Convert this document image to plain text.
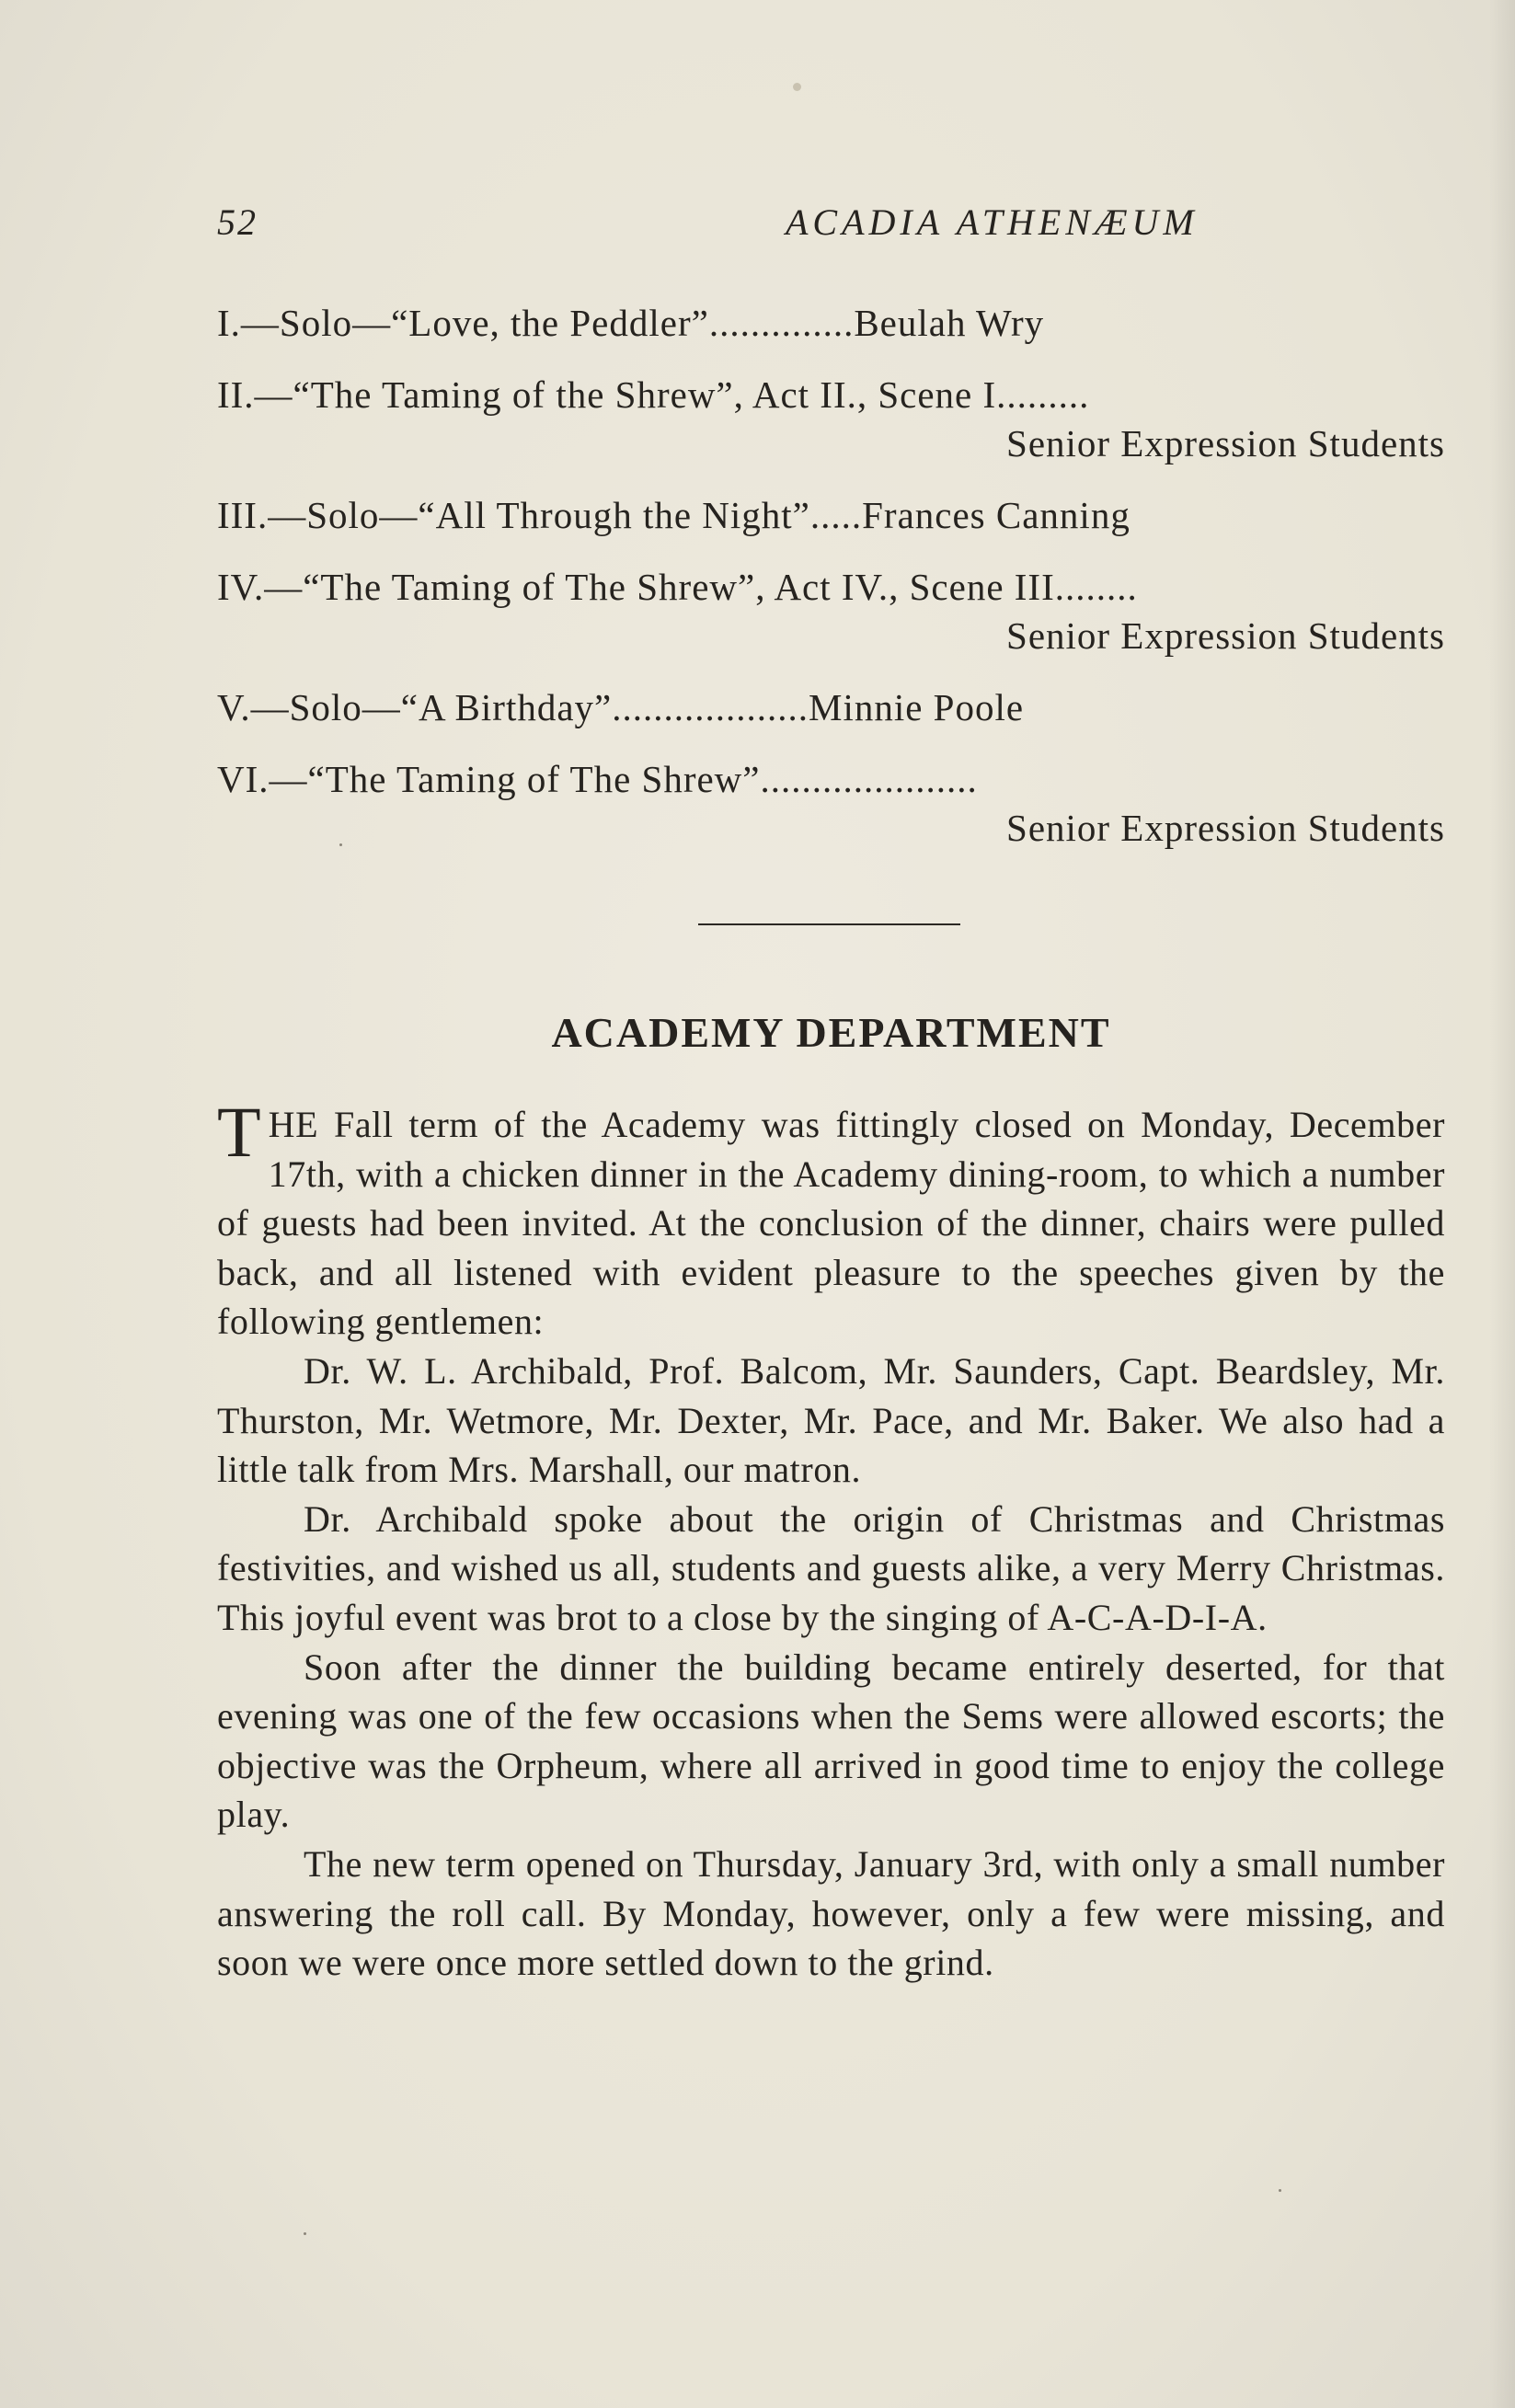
52	ACADIA ATHENÆUM
I.—Solo—“Love, the Peddler”..............Beulah Wry
II.—“The Taming of the Shrew”, Act II., Scene I.........
Senior Expression Students
III.—Solo—“All Through the Night”.....Frances Canning
IV.—“The Taming of The Shrew”, Act IV., Scene III........
Senior Expression Students
V.—Solo—“A Birthday”...................Minnie Poole
VI.—“The Taming of The Shrew”.....................
Senior Expression Students
ACADEMY DEPARTMENT

THE Fall term of the Academy was fittingly closed on Monday, December 17th, with a chicken dinner in the Academy dining-room, to which a number of guests had been invited. At the conclusion of the dinner, chairs were pulled back, and all listened with evident pleasure to the speeches given by the following gentlemen:

Dr. W. L. Archibald, Prof. Balcom, Mr. Saunders, Capt. Beardsley, Mr. Thurston, Mr. Wetmore, Mr. Dexter, Mr. Pace, and Mr. Baker. We also had a little talk from Mrs. Marshall, our matron.

Dr. Archibald spoke about the origin of Christmas and Christmas festivities, and wished us all, students and guests alike, a very Merry Christmas. This joyful event was brot to a close by the singing of A-C-A-D-I-A.

Soon after the dinner the building became entirely deserted, for that evening was one of the few occasions when the Sems were allowed escorts; the objective was the Orpheum, where all arrived in good time to enjoy the college play.

The new term opened on Thursday, January 3rd, with only a small number answering the roll call. By Monday, however, only a few were missing, and soon we were once more settled down to the grind.
